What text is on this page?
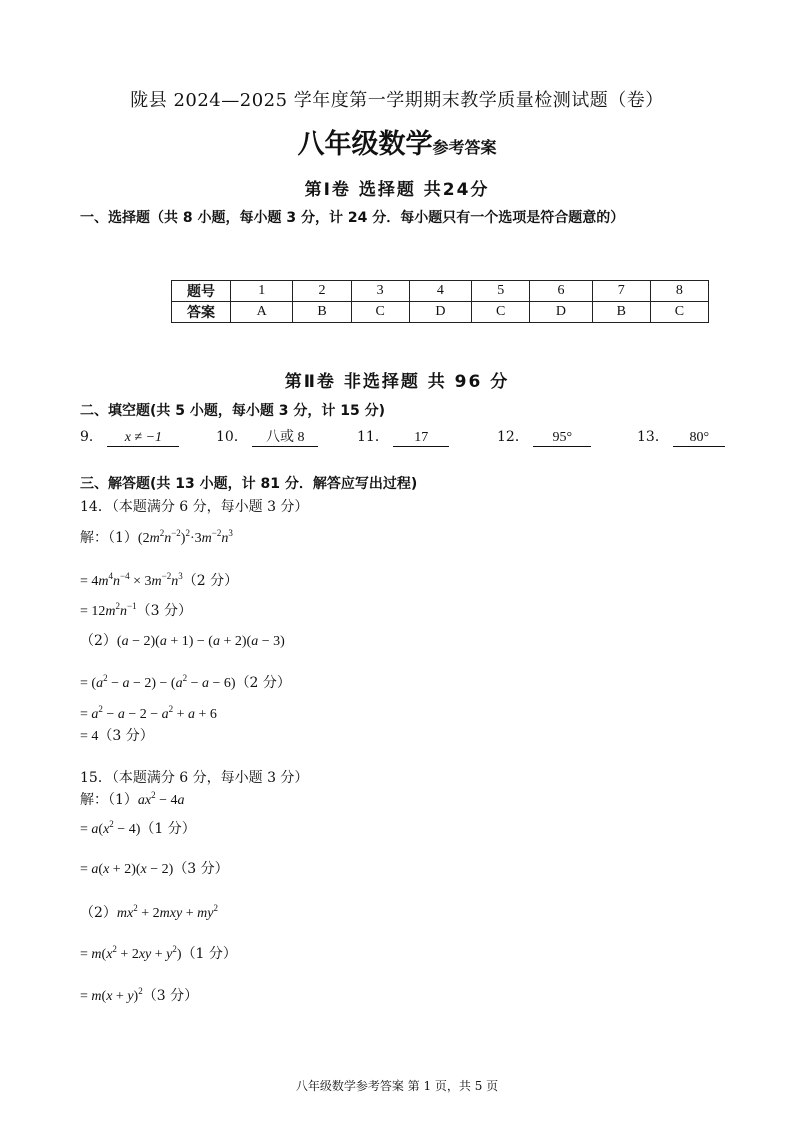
陇县 2024—2025 学年度第一学期期末教学质量检测试题（卷）
八年级数学参考答案
第Ⅰ卷 选择题 共24分
一、选择题（共 8 小题，每小题 3 分，计 24 分．每小题只有一个选项是符合题意的）
题号	1	2	3	4	5	6	7	8
答案	A	B	C	D	C	D	B	C
第Ⅱ卷 非选择题 共 96 分
二、填空题(共 5 小题，每小题 3 分，计 15 分)
9． x ≠ −1	10． 八或 8	11． 17	12． 95°	13． 80°
三、解答题(共 13 小题，计 81 分．解答应写出过程)
14．（本题满分 6 分，每小题 3 分）
解：$(1)(2m^2n^{-2})^2\cdot 3m^{-2}n^3$
= $4m^4n^{-4} \times 3m^{-2}n^3(2$ 分）
= $12m^2n^{-1}(3$ 分）
（2）(a − 2)(a + 1) − (a + 2)(a − 3)
= $(a^2 - a - 2) - (a^2 - a - 6)(2$ 分）
= $a^2 - a - 2 - a^2 + a + 6$
= 4（3 分）
15．（本题满分 6 分，每小题 3 分）
解：$(1)ax^2 - 4a$
= $a(x^2 - 4)(1$ 分）
= a(x + 2)(x − 2)（3 分）
$(2)mx^2 + 2mxy + my^2$
= $m(x^2 + 2xy + y^2)(1$ 分）
= $m(x + y)^2(3$ 分）
八年级数学参考答案 第 1 页，共 5 页
